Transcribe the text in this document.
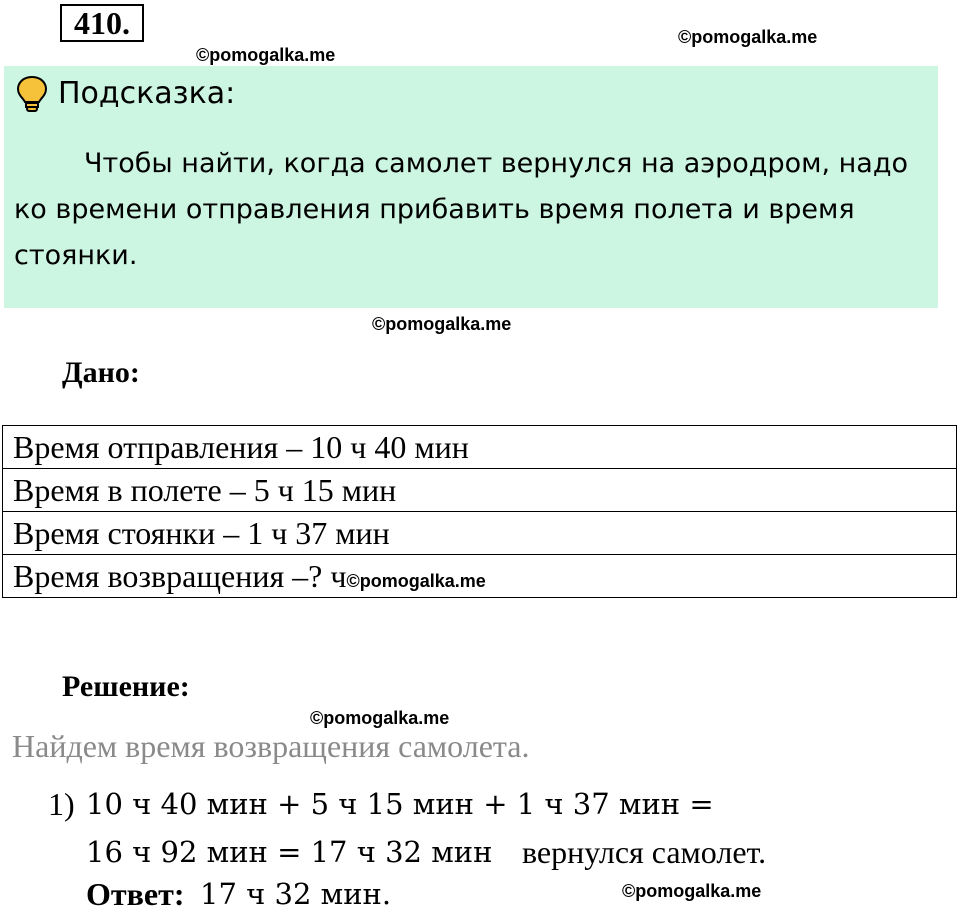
410.
©pomogalka.me
©pomogalka.me
Подсказка:
Чтобы найти, когда самолет вернулся на аэродром, надо ко времени отправления прибавить время полета и время стоянки.
©pomogalka.me
Дано:
Время отправления – 10 ч 40 мин
Время в полете – 5 ч 15 мин
Время стоянки – 1 ч 37 мин
Время возвращения –? ч©pomogalka.me
Решение:
©pomogalka.me
Найдем время возвращения самолета.
1) 10 ч 40 мин + 5 ч 15 мин + 1 ч 37 мин =
16 ч 92 мин = 17 ч 32 мин вернулся самолет.
Ответ: 17 ч 32 мин.	©pomogalka.me
